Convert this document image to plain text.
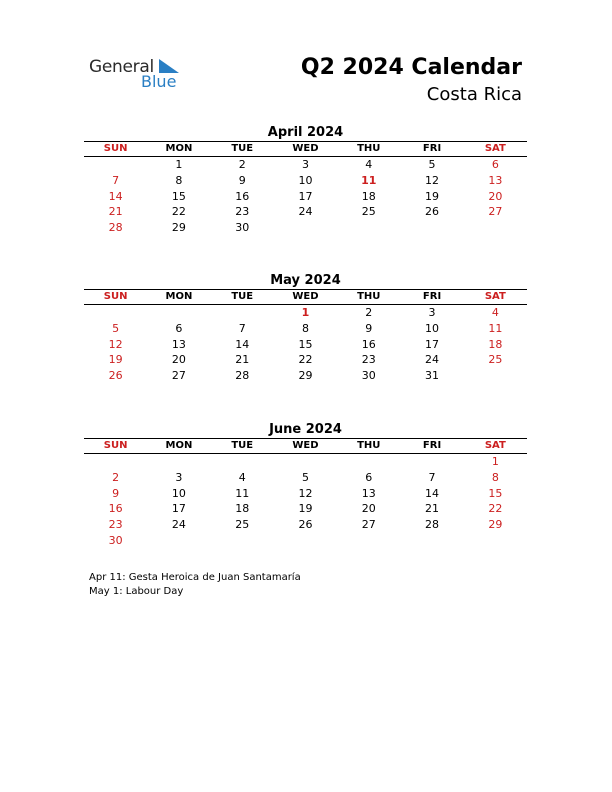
General
Blue
Q2 2024 Calendar
Costa Rica
April 2024
SUN	MON	TUE	WED	THU	FRI	SAT
	1	2	3	4	5	6
7	8	9	10	11	12	13
14	15	16	17	18	19	20
21	22	23	24	25	26	27
28	29	30				
May 2024
SUN	MON	TUE	WED	THU	FRI	SAT
			1	2	3	4
5	6	7	8	9	10	11
12	13	14	15	16	17	18
19	20	21	22	23	24	25
26	27	28	29	30	31	
June 2024
SUN	MON	TUE	WED	THU	FRI	SAT
						1
2	3	4	5	6	7	8
9	10	11	12	13	14	15
16	17	18	19	20	21	22
23	24	25	26	27	28	29
30						
Apr 11: Gesta Heroica de Juan Santamaría
May 1: Labour Day
